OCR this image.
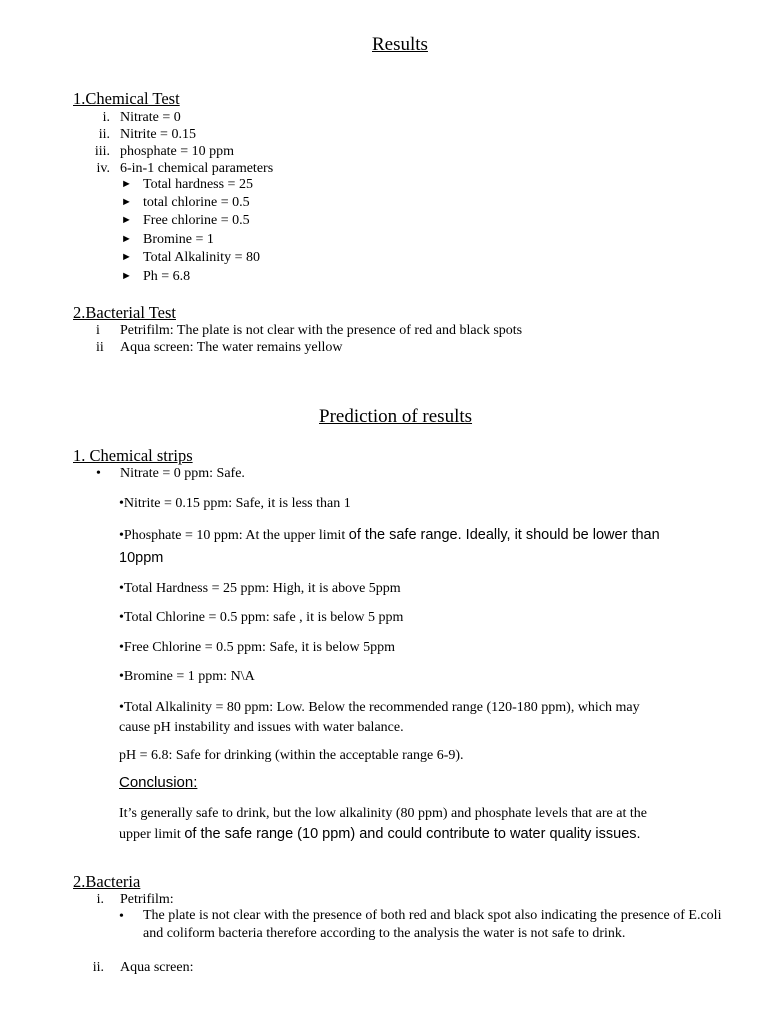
Results
1.Chemical Test
i. Nitrate = 0
ii. Nitrite = 0.15
iii. phosphate = 10 ppm
iv. 6-in-1 chemical parameters
► Total hardness = 25
► total chlorine = 0.5
► Free chlorine = 0.5
► Bromine = 1
► Total Alkalinity = 80
► Ph = 6.8
2.Bacterial Test
i Petrifilm: The plate is not clear with the presence of red and black spots
ii Aqua screen: The water remains yellow
Prediction of results
1. Chemical strips
• Nitrate = 0 ppm: Safe.
•Nitrite = 0.15 ppm: Safe, it is less than 1
•Phosphate = 10 ppm: At the upper limit of the safe range. Ideally, it should be lower than
10ppm
•Total Hardness = 25 ppm: High, it is above 5ppm
•Total Chlorine = 0.5 ppm: safe , it is below 5 ppm
•Free Chlorine = 0.5 ppm: Safe, it is below 5ppm
•Bromine = 1 ppm: N\A
•Total Alkalinity = 80 ppm: Low. Below the recommended range (120-180 ppm), which may
cause pH instability and issues with water balance.
pH = 6.8: Safe for drinking (within the acceptable range 6-9).
Conclusion:
It’s generally safe to drink, but the low alkalinity (80 ppm) and phosphate levels that are at the
upper limit of the safe range (10 ppm) and could contribute to water quality issues.
2.Bacteria
i. Petrifilm:
• The plate is not clear with the presence of both red and black spot also indicating the presence of E.coli and coliform bacteria therefore according to the analysis the water is not safe to drink.
ii. Aqua screen:
